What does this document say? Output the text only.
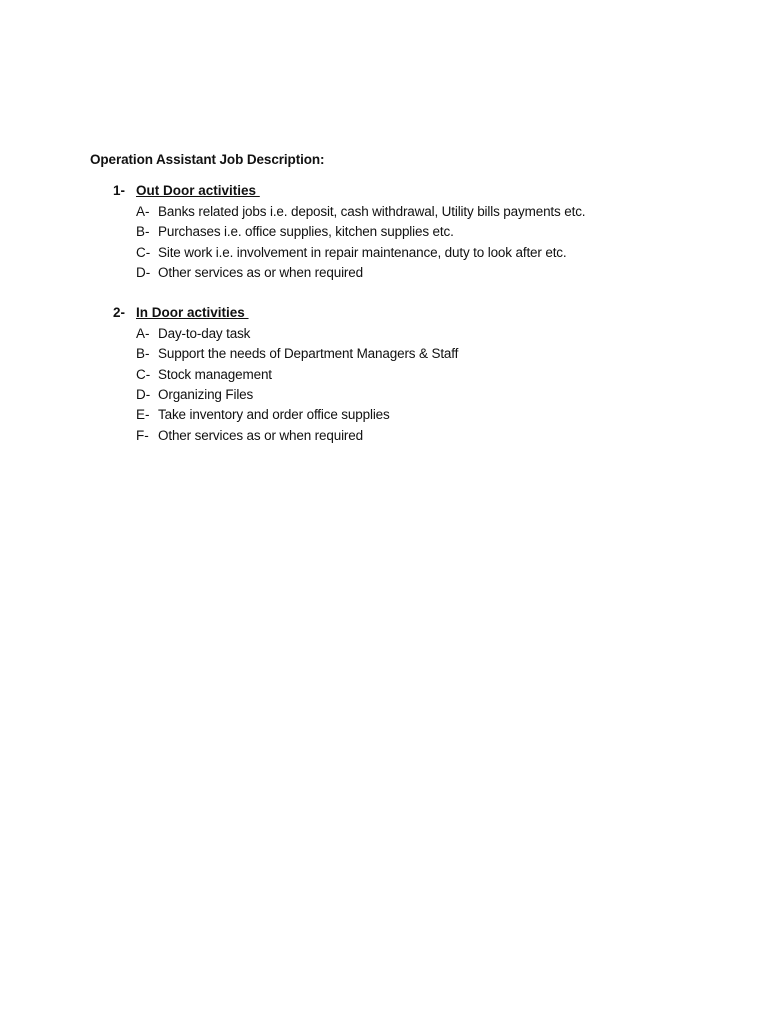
Operation Assistant Job Description:
1- Out Door activities
A- Banks related jobs i.e. deposit, cash withdrawal, Utility bills payments etc.
B- Purchases i.e. office supplies, kitchen supplies etc.
C- Site work i.e. involvement in repair maintenance, duty to look after etc.
D- Other services as or when required
2- In Door activities
A- Day-to-day task
B- Support the needs of Department Managers & Staff
C- Stock management
D- Organizing Files
E- Take inventory and order office supplies
F- Other services as or when required
